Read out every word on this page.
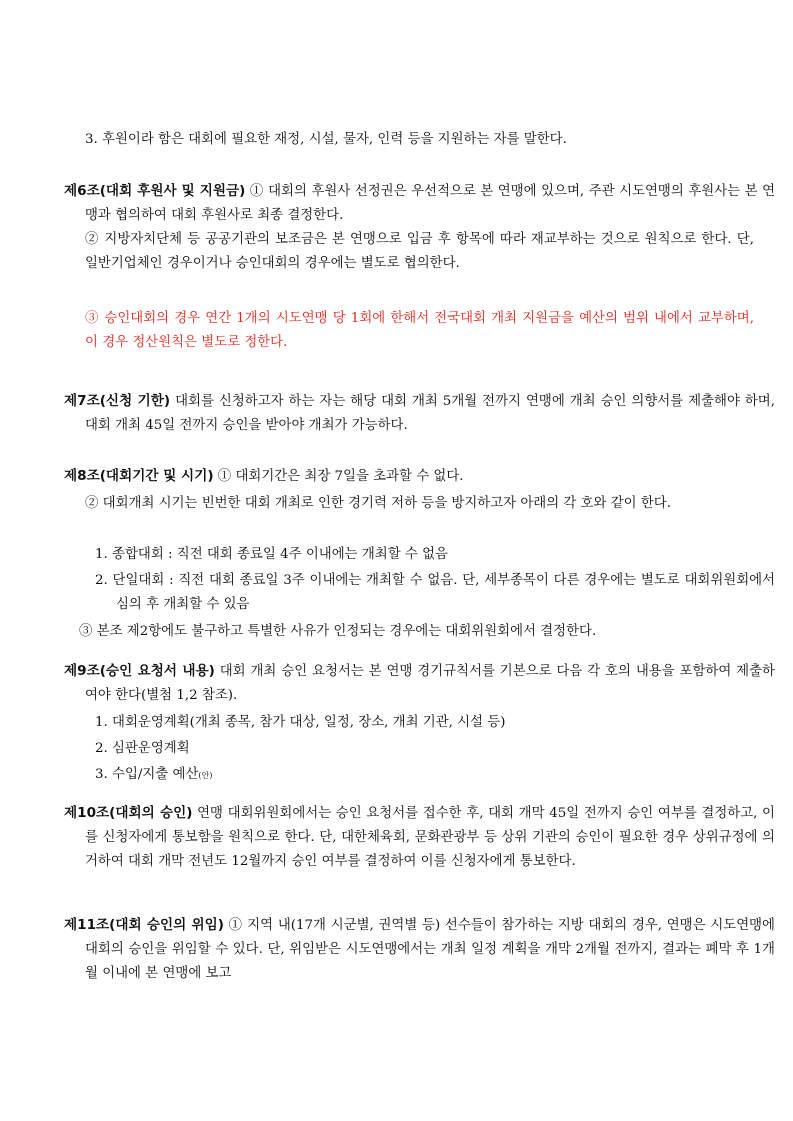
3. 후원이라 함은 대회에 필요한 재정, 시설, 물자, 인력 등을 지원하는 자를 말한다.
제6조(대회 후원사 및 지원금) ① 대회의 후원사 선정권은 우선적으로 본 연맹에 있으며, 주관 시도연맹의 후원사는 본 연맹과 협의하여 대회 후원사로 최종 결정한다.
② 지방자치단체 등 공공기관의 보조금은 본 연맹으로 입금 후 항목에 따라 재교부하는 것으로 원칙으로 한다. 단, 일반기업체인 경우이거나 승인대회의 경우에는 별도로 협의한다.
③ 승인대회의 경우 연간 1개의 시도연맹 당 1회에 한해서 전국대회 개최 지원금을 예산의 범위 내에서 교부하며, 이 경우 정산원칙은 별도로 정한다.
제7조(신청 기한) 대회를 신청하고자 하는 자는 해당 대회 개최 5개월 전까지 연맹에 개최 승인 의향서를 제출해야 하며, 대회 개최 45일 전까지 승인을 받아야 개최가 가능하다.
제8조(대회기간 및 시기) ① 대회기간은 최장 7일을 초과할 수 없다.
② 대회개최 시기는 빈번한 대회 개최로 인한 경기력 저하 등을 방지하고자 아래의 각 호와 같이 한다.
1. 종합대회 : 직전 대회 종료일 4주 이내에는 개최할 수 없음
2. 단일대회 : 직전 대회 종료일 3주 이내에는 개최할 수 없음. 단, 세부종목이 다른 경우에는 별도로 대회위원회에서 심의 후 개최할 수 있음
③ 본조 제2항에도 불구하고 특별한 사유가 인정되는 경우에는 대회위원회에서 결정한다.
제9조(승인 요청서 내용) 대회 개최 승인 요청서는 본 연맹 경기규칙서를 기본으로 다음 각 호의 내용을 포함하여 제출하여야 한다(별첨 1,2 참조).
1. 대회운영계획(개최 종목, 참가 대상, 일정, 장소, 개최 기관, 시설 등)
2. 심판운영계획
3. 수입/지출 예산(안)
제10조(대회의 승인) 연맹 대회위원회에서는 승인 요청서를 접수한 후, 대회 개막 45일 전까지 승인 여부를 결정하고, 이를 신청자에게 통보함을 원칙으로 한다. 단, 대한체육회, 문화관광부 등 상위 기관의 승인이 필요한 경우 상위규정에 의거하여 대회 개막 전년도 12월까지 승인 여부를 결정하여 이를 신청자에게 통보한다.
제11조(대회 승인의 위임) ① 지역 내(17개 시군별, 권역별 등) 선수들이 참가하는 지방 대회의 경우, 연맹은 시도연맹에 대회의 승인을 위임할 수 있다. 단, 위임받은 시도연맹에서는 개최 일정 계획을 개막 2개월 전까지, 결과는 폐막 후 1개월 이내에 본 연맹에 보고
